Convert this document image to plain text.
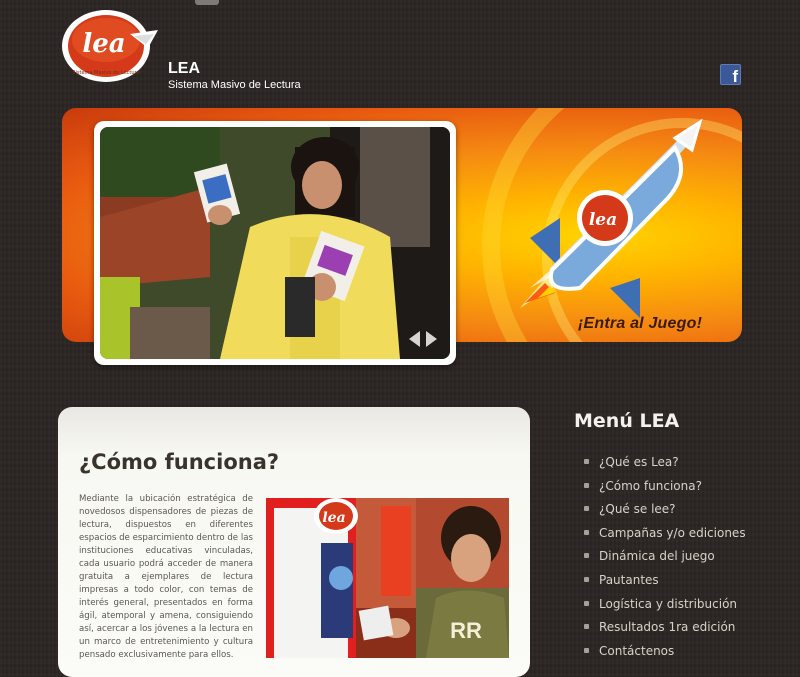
lea
Sistema Masivo de Lectura LEA
Sistema Masivo de Lectura	f
lea
¡Entra al Juego!
¿Cómo funciona?

Mediante la ubicación estratégica de novedosos dispensadores de piezas de lectura, dispuestos en diferentes espacios de esparcimiento dentro de las instituciones educativas vinculadas, cada usuario podrá acceder de manera gratuita a ejemplares de lectura impresas a todo color, con temas de interés general, presentados en forma ágil, atemporal y amena, consiguiendo así, acercar a los jóvenes a la lectura en un marco de entretenimiento y cultura pensado exclusivamente para ellos.

lea
RR
Menú LEA
¿Qué es Lea?
¿Cómo funciona?
¿Qué se lee?
Campañas y/o ediciones
Dinámica del juego
Pautantes
Logística y distribución
Resultados 1ra edición
Contáctenos
